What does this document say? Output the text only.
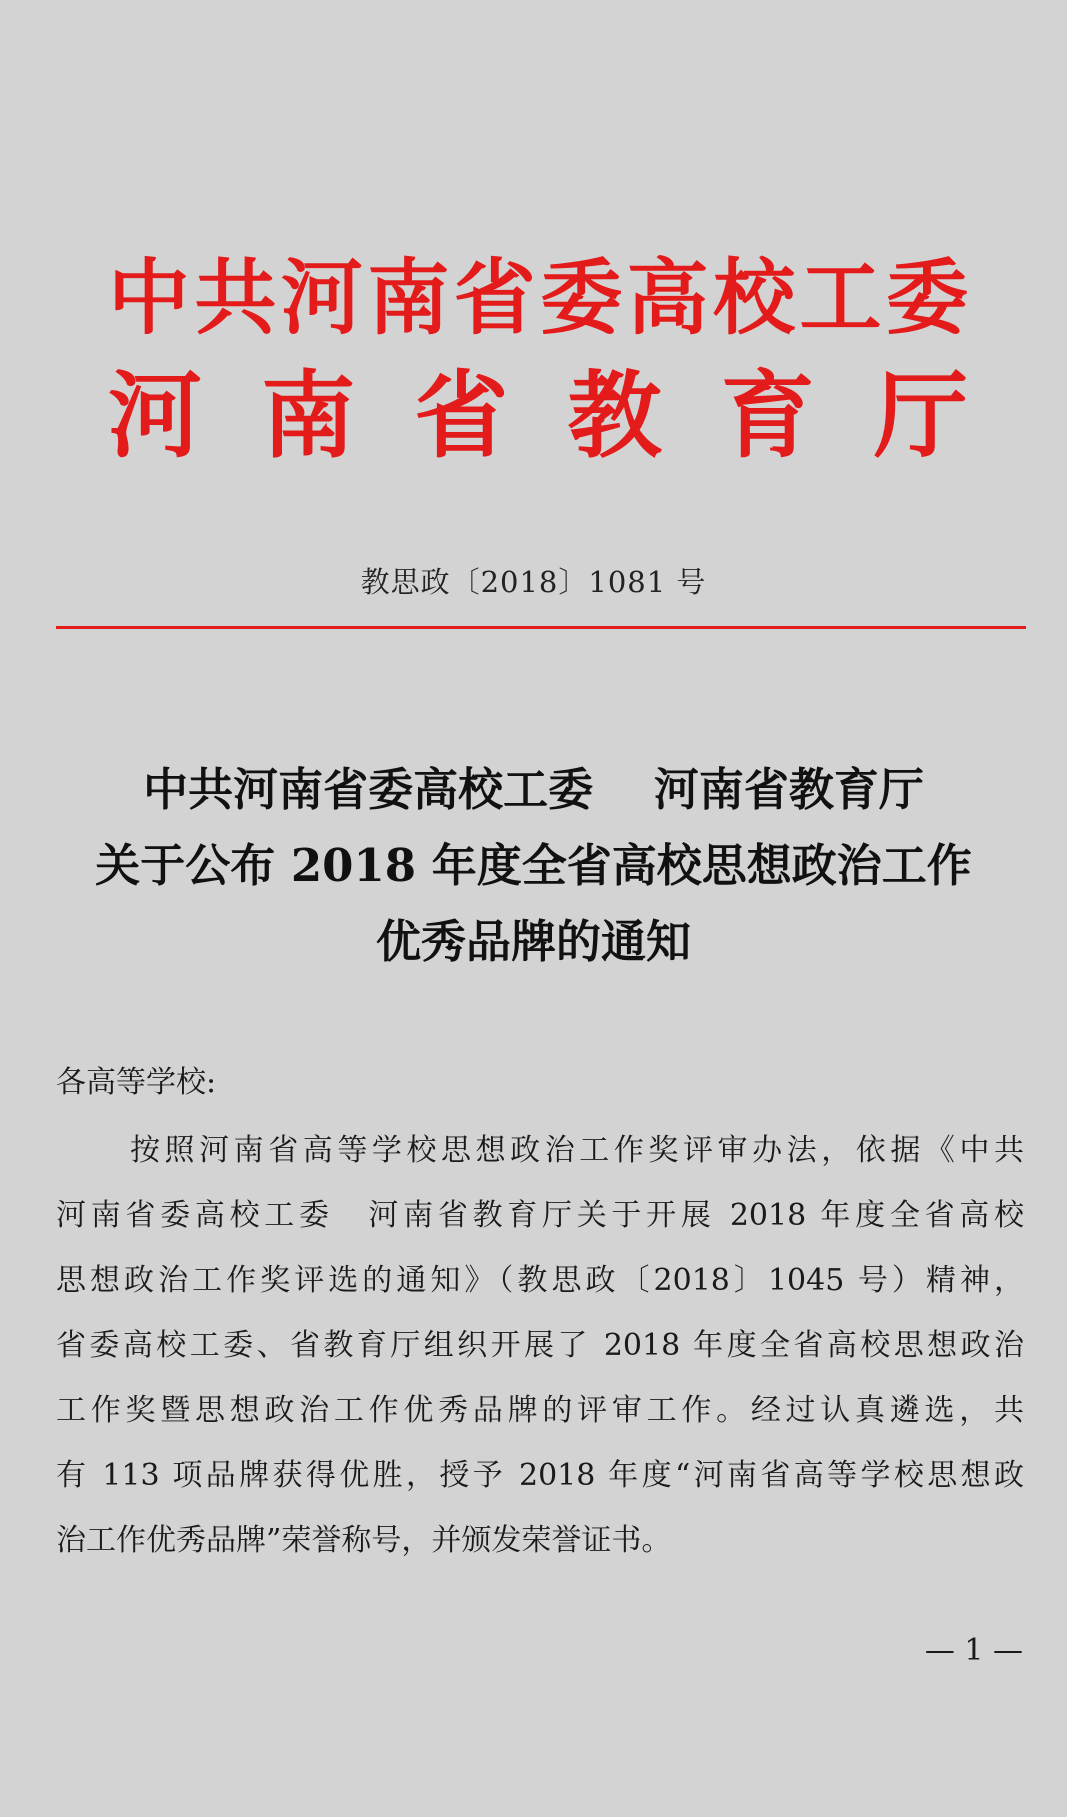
中共河南省委高校工委
河南省教育厅
教思政〔2018〕1081 号
中共河南省委高校工委　 河南省教育厅
关于公布 2018 年度全省高校思想政治工作
优秀品牌的通知
各高等学校:
按照河南省高等学校思想政治工作奖评审办法，依据《中共
河南省委高校工委　河南省教育厅关于开展 2018 年度全省高校
思想政治工作奖评选的通知》（教思政〔2018〕1045 号）精神，
省委高校工委、省教育厅组织开展了 2018 年度全省高校思想政治
工作奖暨思想政治工作优秀品牌的评审工作。经过认真遴选，共
有 113 项品牌获得优胜，授予 2018 年度“河南省高等学校思想政
治工作优秀品牌”荣誉称号，并颁发荣誉证书。
— 1 —
